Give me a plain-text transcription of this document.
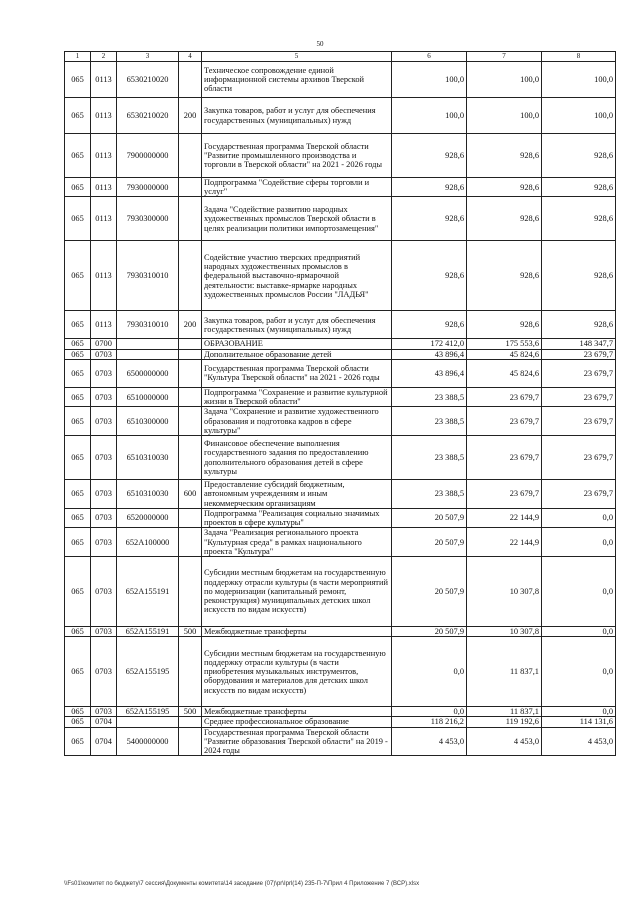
50
1	2	3	4	5	6	7	8
065	0113	6530210020		Техническое сопровождение единой информационной системы архивов Тверской области	100,0	100,0	100,0
065	0113	6530210020	200	Закупка товаров, работ и услуг для обеспечения государственных (муниципальных) нужд	100,0	100,0	100,0
065	0113	7900000000		Государственная программа Тверской области "Развитие промышленного производства и торговли в Тверской области" на 2021 - 2026 годы	928,6	928,6	928,6
065	0113	7930000000		Подпрограмма "Содействие сферы торговли и услуг"	928,6	928,6	928,6
065	0113	7930300000		Задача "Содействие развитию народных художественных промыслов Тверской области в целях реализации политики импортозамещения"	928,6	928,6	928,6
065	0113	7930310010		Содействие участию тверских предприятий народных художественных промыслов в федеральной выставочно-ярмарочной деятельности: выставке-ярмарке народных художественных промыслов России "ЛАДЬЯ"	928,6	928,6	928,6
065	0113	7930310010	200	Закупка товаров, работ и услуг для обеспечения государственных (муниципальных) нужд	928,6	928,6	928,6
065	0700			ОБРАЗОВАНИЕ	172 412,0	175 553,6	148 347,7
065	0703			Дополнительное образование детей	43 896,4	45 824,6	23 679,7
065	0703	6500000000		Государственная программа Тверской области "Культура Тверской области" на 2021 - 2026 годы	43 896,4	45 824,6	23 679,7
065	0703	6510000000		Подпрограмма "Сохранение и развитие культурной жизни в Тверской области"	23 388,5	23 679,7	23 679,7
065	0703	6510300000		Задача "Сохранение и развитие художественного образования и подготовка кадров в сфере культуры"	23 388,5	23 679,7	23 679,7
065	0703	6510310030		Финансовое обеспечение выполнения государственного задания по предоставлению дополнительного образования детей в сфере культуры	23 388,5	23 679,7	23 679,7
065	0703	6510310030	600	Предоставление субсидий бюджетным, автономным учреждениям и иным некоммерческим организациям	23 388,5	23 679,7	23 679,7
065	0703	6520000000		Подпрограмма "Реализация социально значимых проектов в сфере культуры"	20 507,9	22 144,9	0,0
065	0703	652A100000		Задача "Реализация регионального проекта "Культурная среда" в рамках национального проекта "Культура"	20 507,9	22 144,9	0,0
065	0703	652A155191		Субсидии местным бюджетам на государственную поддержку отрасли культуры (в части мероприятий по модернизации (капитальный ремонт, реконструкция) муниципальных детских школ искусств по видам искусств)	20 507,9	10 307,8	0,0
065	0703	652A155191	500	Межбюджетные трансферты	20 507,9	10 307,8	0,0
065	0703	652A155195		Субсидии местным бюджетам на государственную поддержку отрасли культуры (в части приобретения музыкальных инструментов, оборудования и материалов для детских школ искусств по видам искусств)	0,0	11 837,1	0,0
065	0703	652A155195	500	Межбюджетные трансферты	0,0	11 837,1	0,0
065	0704			Среднее профессиональное образование	118 216,2	119 192,6	114 131,6
065	0704	5400000000		Государственная программа Тверской области "Развитие образования Тверской области" на 2019 - 2024 годы	4 453,0	4 453,0	4 453,0
\\Fs01\комитет по бюджету\7 сессия\Документы комитета\14 заседание (07)\pr\Iprl(14) 235-П-7\Прил 4 Приложение 7 (ВСР).xlsx
